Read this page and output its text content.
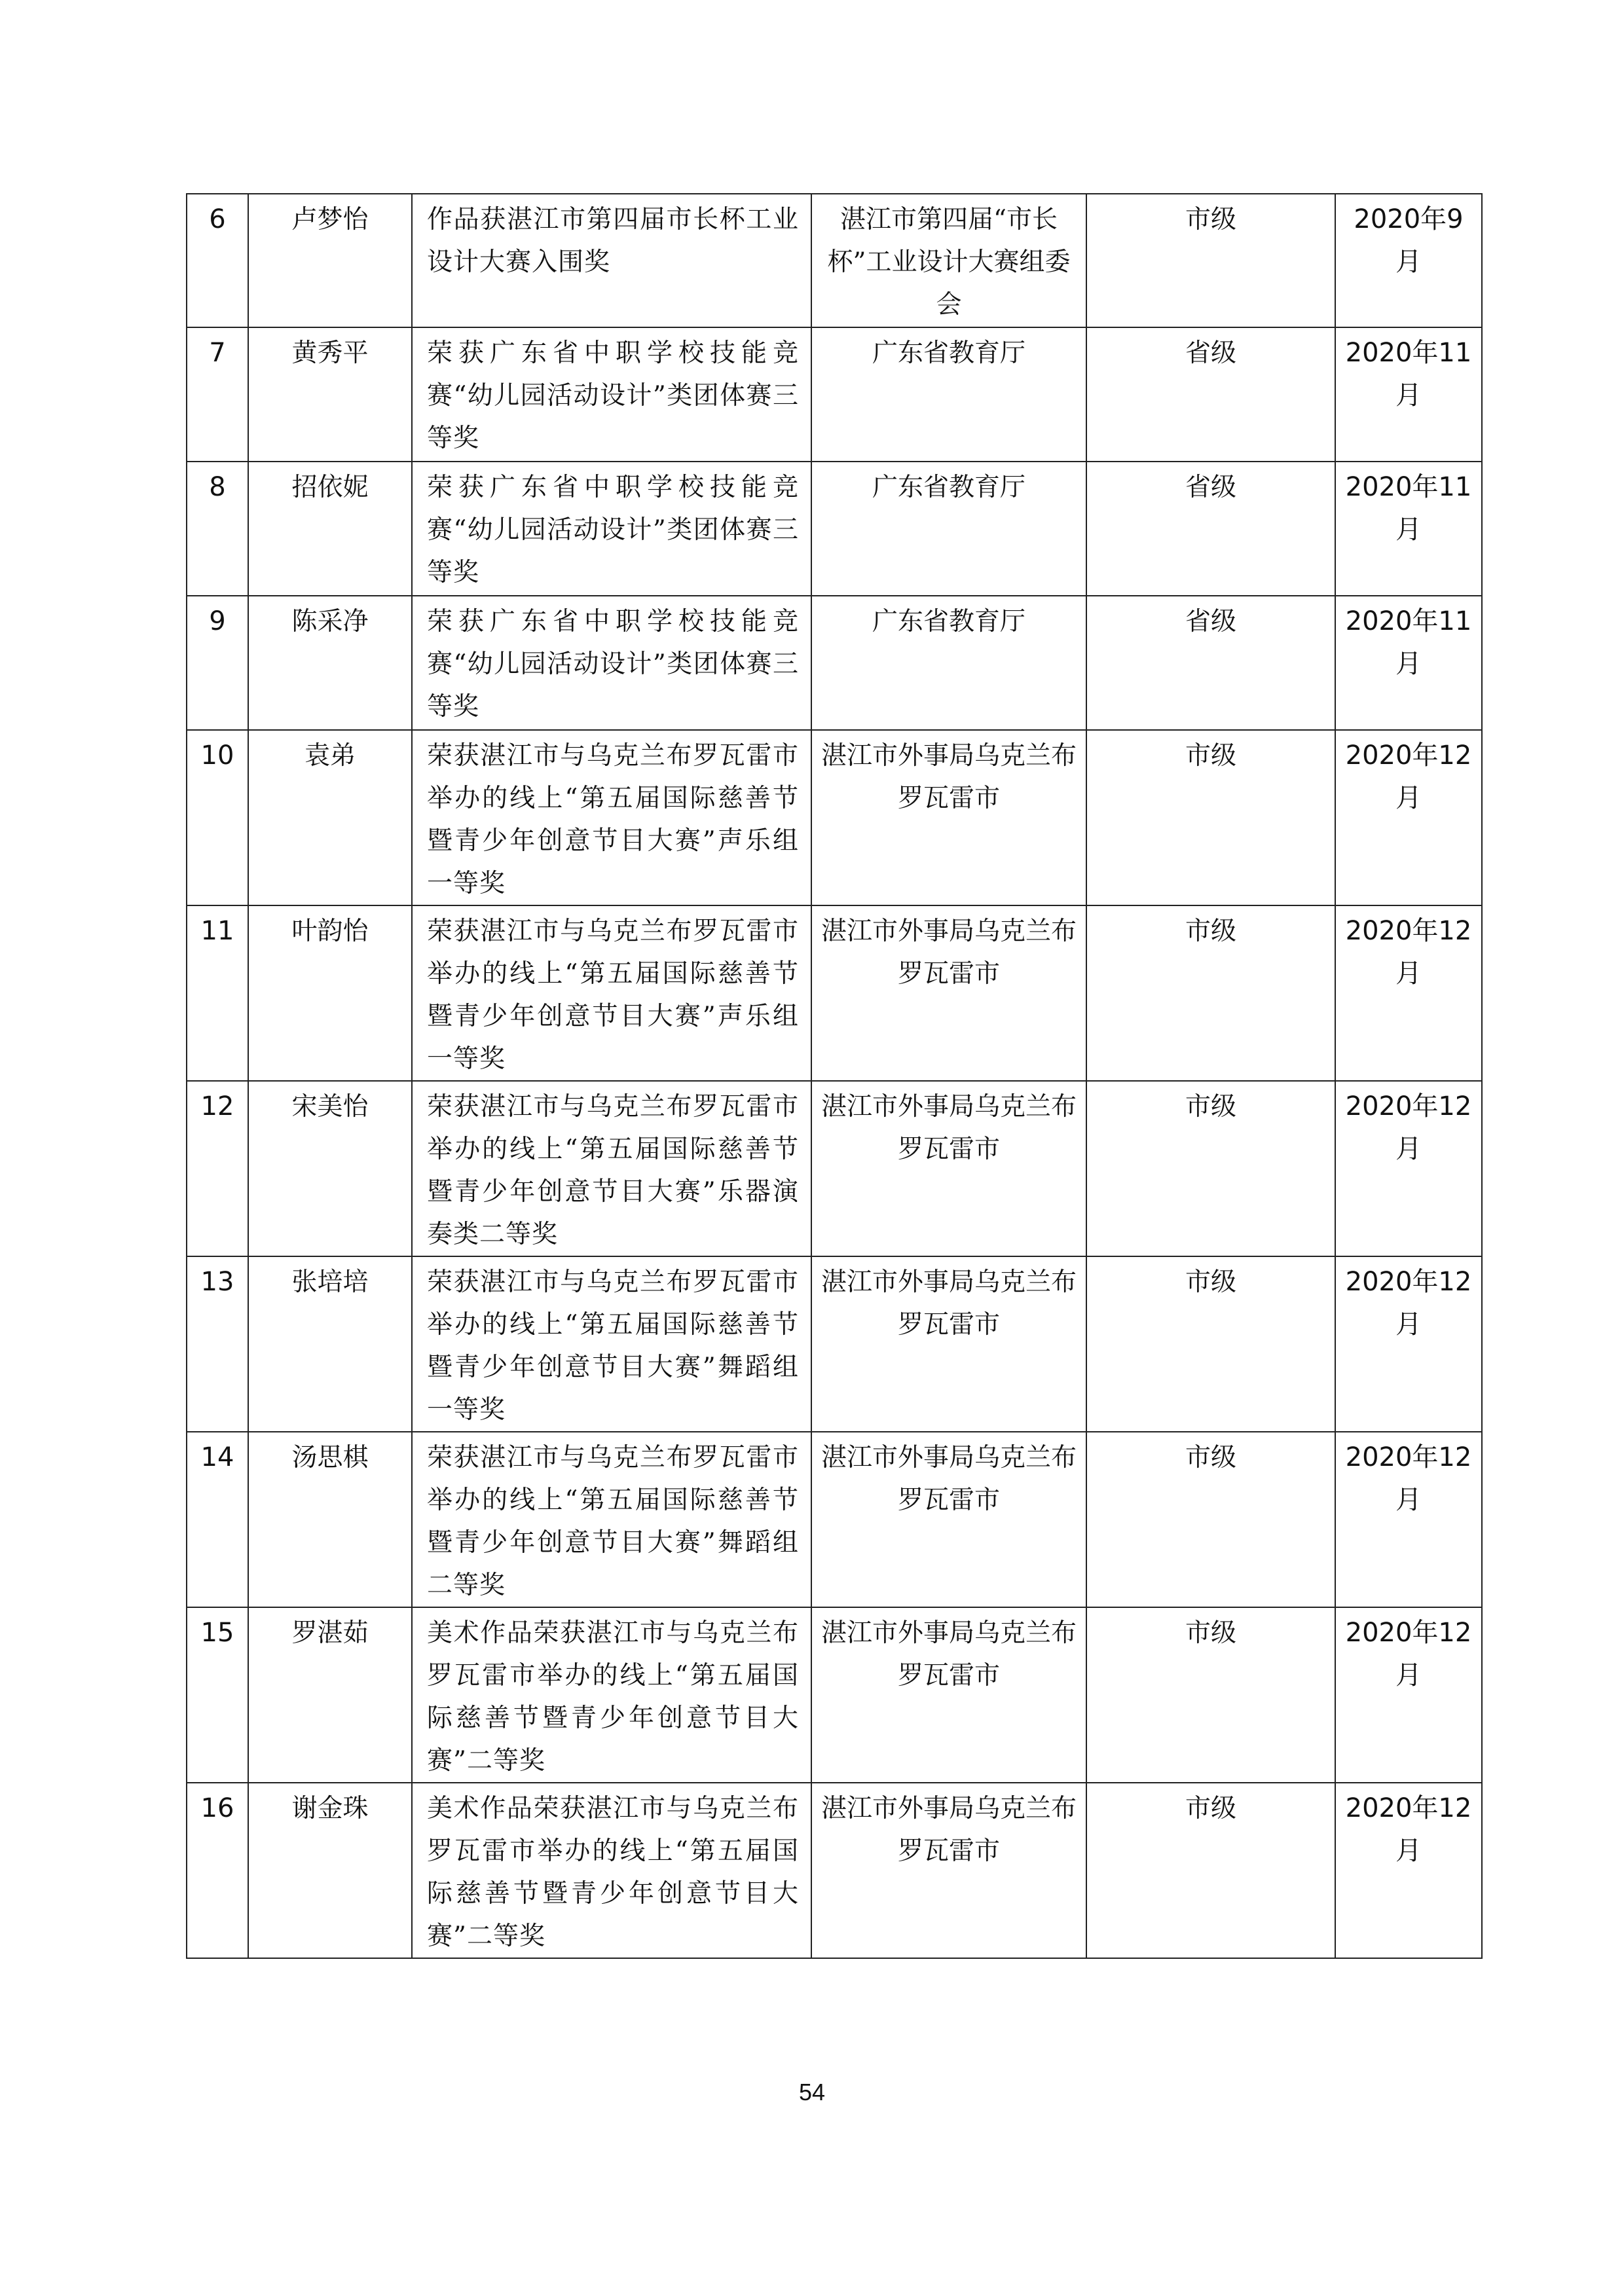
6	卢梦怡	作品获湛江市第四届市长杯工业设计大赛入围奖	湛江市第四届“市长杯”工业设计大赛组委会	市级	2020年9月
7	黄秀平	荣获广东省中职学校技能竞赛“幼儿园活动设计”类团体赛三等奖	广东省教育厅	省级	2020年11月
8	招依妮	荣获广东省中职学校技能竞赛“幼儿园活动设计”类团体赛三等奖	广东省教育厅	省级	2020年11月
9	陈采净	荣获广东省中职学校技能竞赛“幼儿园活动设计”类团体赛三等奖	广东省教育厅	省级	2020年11月
10	袁弟	荣获湛江市与乌克兰布罗瓦雷市举办的线上“第五届国际慈善节暨青少年创意节目大赛”声乐组一等奖	湛江市外事局乌克兰布罗瓦雷市	市级	2020年12月
11	叶韵怡	荣获湛江市与乌克兰布罗瓦雷市举办的线上“第五届国际慈善节暨青少年创意节目大赛”声乐组一等奖	湛江市外事局乌克兰布罗瓦雷市	市级	2020年12月
12	宋美怡	荣获湛江市与乌克兰布罗瓦雷市举办的线上“第五届国际慈善节暨青少年创意节目大赛”乐器演奏类二等奖	湛江市外事局乌克兰布罗瓦雷市	市级	2020年12月
13	张培培	荣获湛江市与乌克兰布罗瓦雷市举办的线上“第五届国际慈善节暨青少年创意节目大赛”舞蹈组一等奖	湛江市外事局乌克兰布罗瓦雷市	市级	2020年12月
14	汤思棋	荣获湛江市与乌克兰布罗瓦雷市举办的线上“第五届国际慈善节暨青少年创意节目大赛”舞蹈组二等奖	湛江市外事局乌克兰布罗瓦雷市	市级	2020年12月
15	罗湛茹	美术作品荣获湛江市与乌克兰布罗瓦雷市举办的线上“第五届国际慈善节暨青少年创意节目大赛”二等奖	湛江市外事局乌克兰布罗瓦雷市	市级	2020年12月
16	谢金珠	美术作品荣获湛江市与乌克兰布罗瓦雷市举办的线上“第五届国际慈善节暨青少年创意节目大赛”二等奖	湛江市外事局乌克兰布罗瓦雷市	市级	2020年12月
54
